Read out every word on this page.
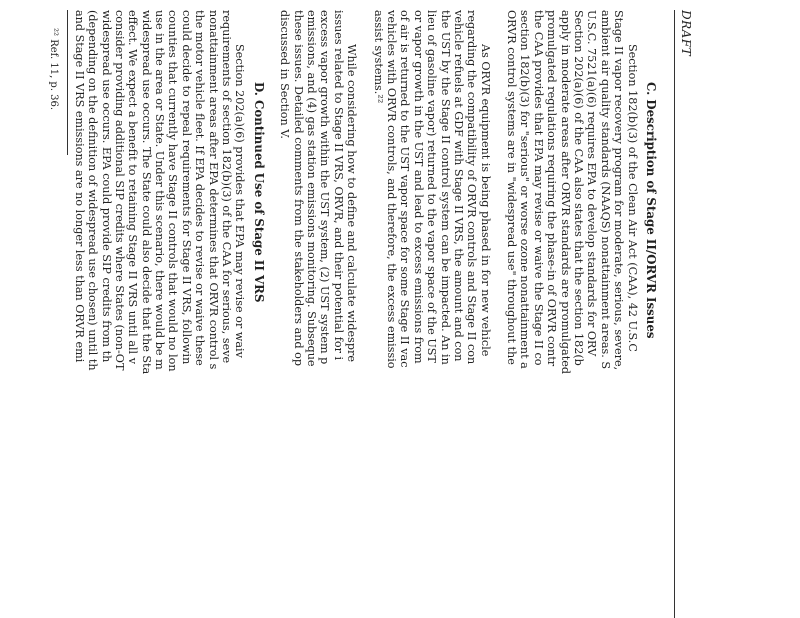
DRAFT
C. Description of Stage II/ORVR Issues
Section 182(b)(3) of the Clean Air Act (CAA), 42 U.S.C
Stage II vapor recovery program for moderate, serious, severe,
ambient air quality standards (NAAQS) nonattainment areas. S
U.S.C. 7521(a)(6) requires EPA to develop standards for ORV
Section 202(a)(6) of the CAA also states that the section 182(b
apply in moderate areas after ORVR standards are promulgated
promulgated regulations requiring the phase-in of ORVR contr
the CAA provides that EPA may revise or waive the Stage II co
section 182(b)(3) for "serious" or worse ozone nonattainment a
ORVR control systems are in "widespread use" throughout the
As ORVR equipment is being phased in for new vehicle
regarding the compatibility of ORVR controls and Stage II con
vehicle refuels at GDF with Stage II VRS, the amount and con
the UST by the Stage II control system can be impacted. An in
lieu of gasoline vapor) returned to the vapor space of the UST
or vapor growth in the UST and lead to excess emissions from
of air is returned to the UST vapor space for some Stage II vac
vehicles with ORVR controls, and therefore, the excess emissio
assist systems.²²
While considering how to define and calculate widespre
issues related to Stage II VRS, ORVR, and their potential for i
excess vapor growth within the UST system, (2) UST system p
emissions, and (4) gas station emissions monitoring. Subseque
these issues. Detailed comments from the stakeholders and op
discussed in Section V.
D. Continued Use of Stage II VRS
Section 202(a)(6) provides that EPA may revise or waiv
requirements of section 182(b)(3) of the CAA for serious, seve
nonattainment areas after EPA determines that ORVR control s
the motor vehicle fleet. If EPA decides to revise or waive these
could decide to repeal requirements for Stage II VRS, followin
counties that currently have Stage II controls that would no lon
use in the area or State. Under this scenario, there would be m
widespread use occurs. The State could also decide that the Sta
effect. We expect a benefit to retaining Stage II VRS until all v
consider providing additional SIP credits where States (non-OT
widespread use occurs. EPA could provide SIP credits from th
(depending on the definition of widespread use chosen) until th
and Stage II VRS emissions are no longer less than ORVR emi
²² Ref. 11, p. 36.
